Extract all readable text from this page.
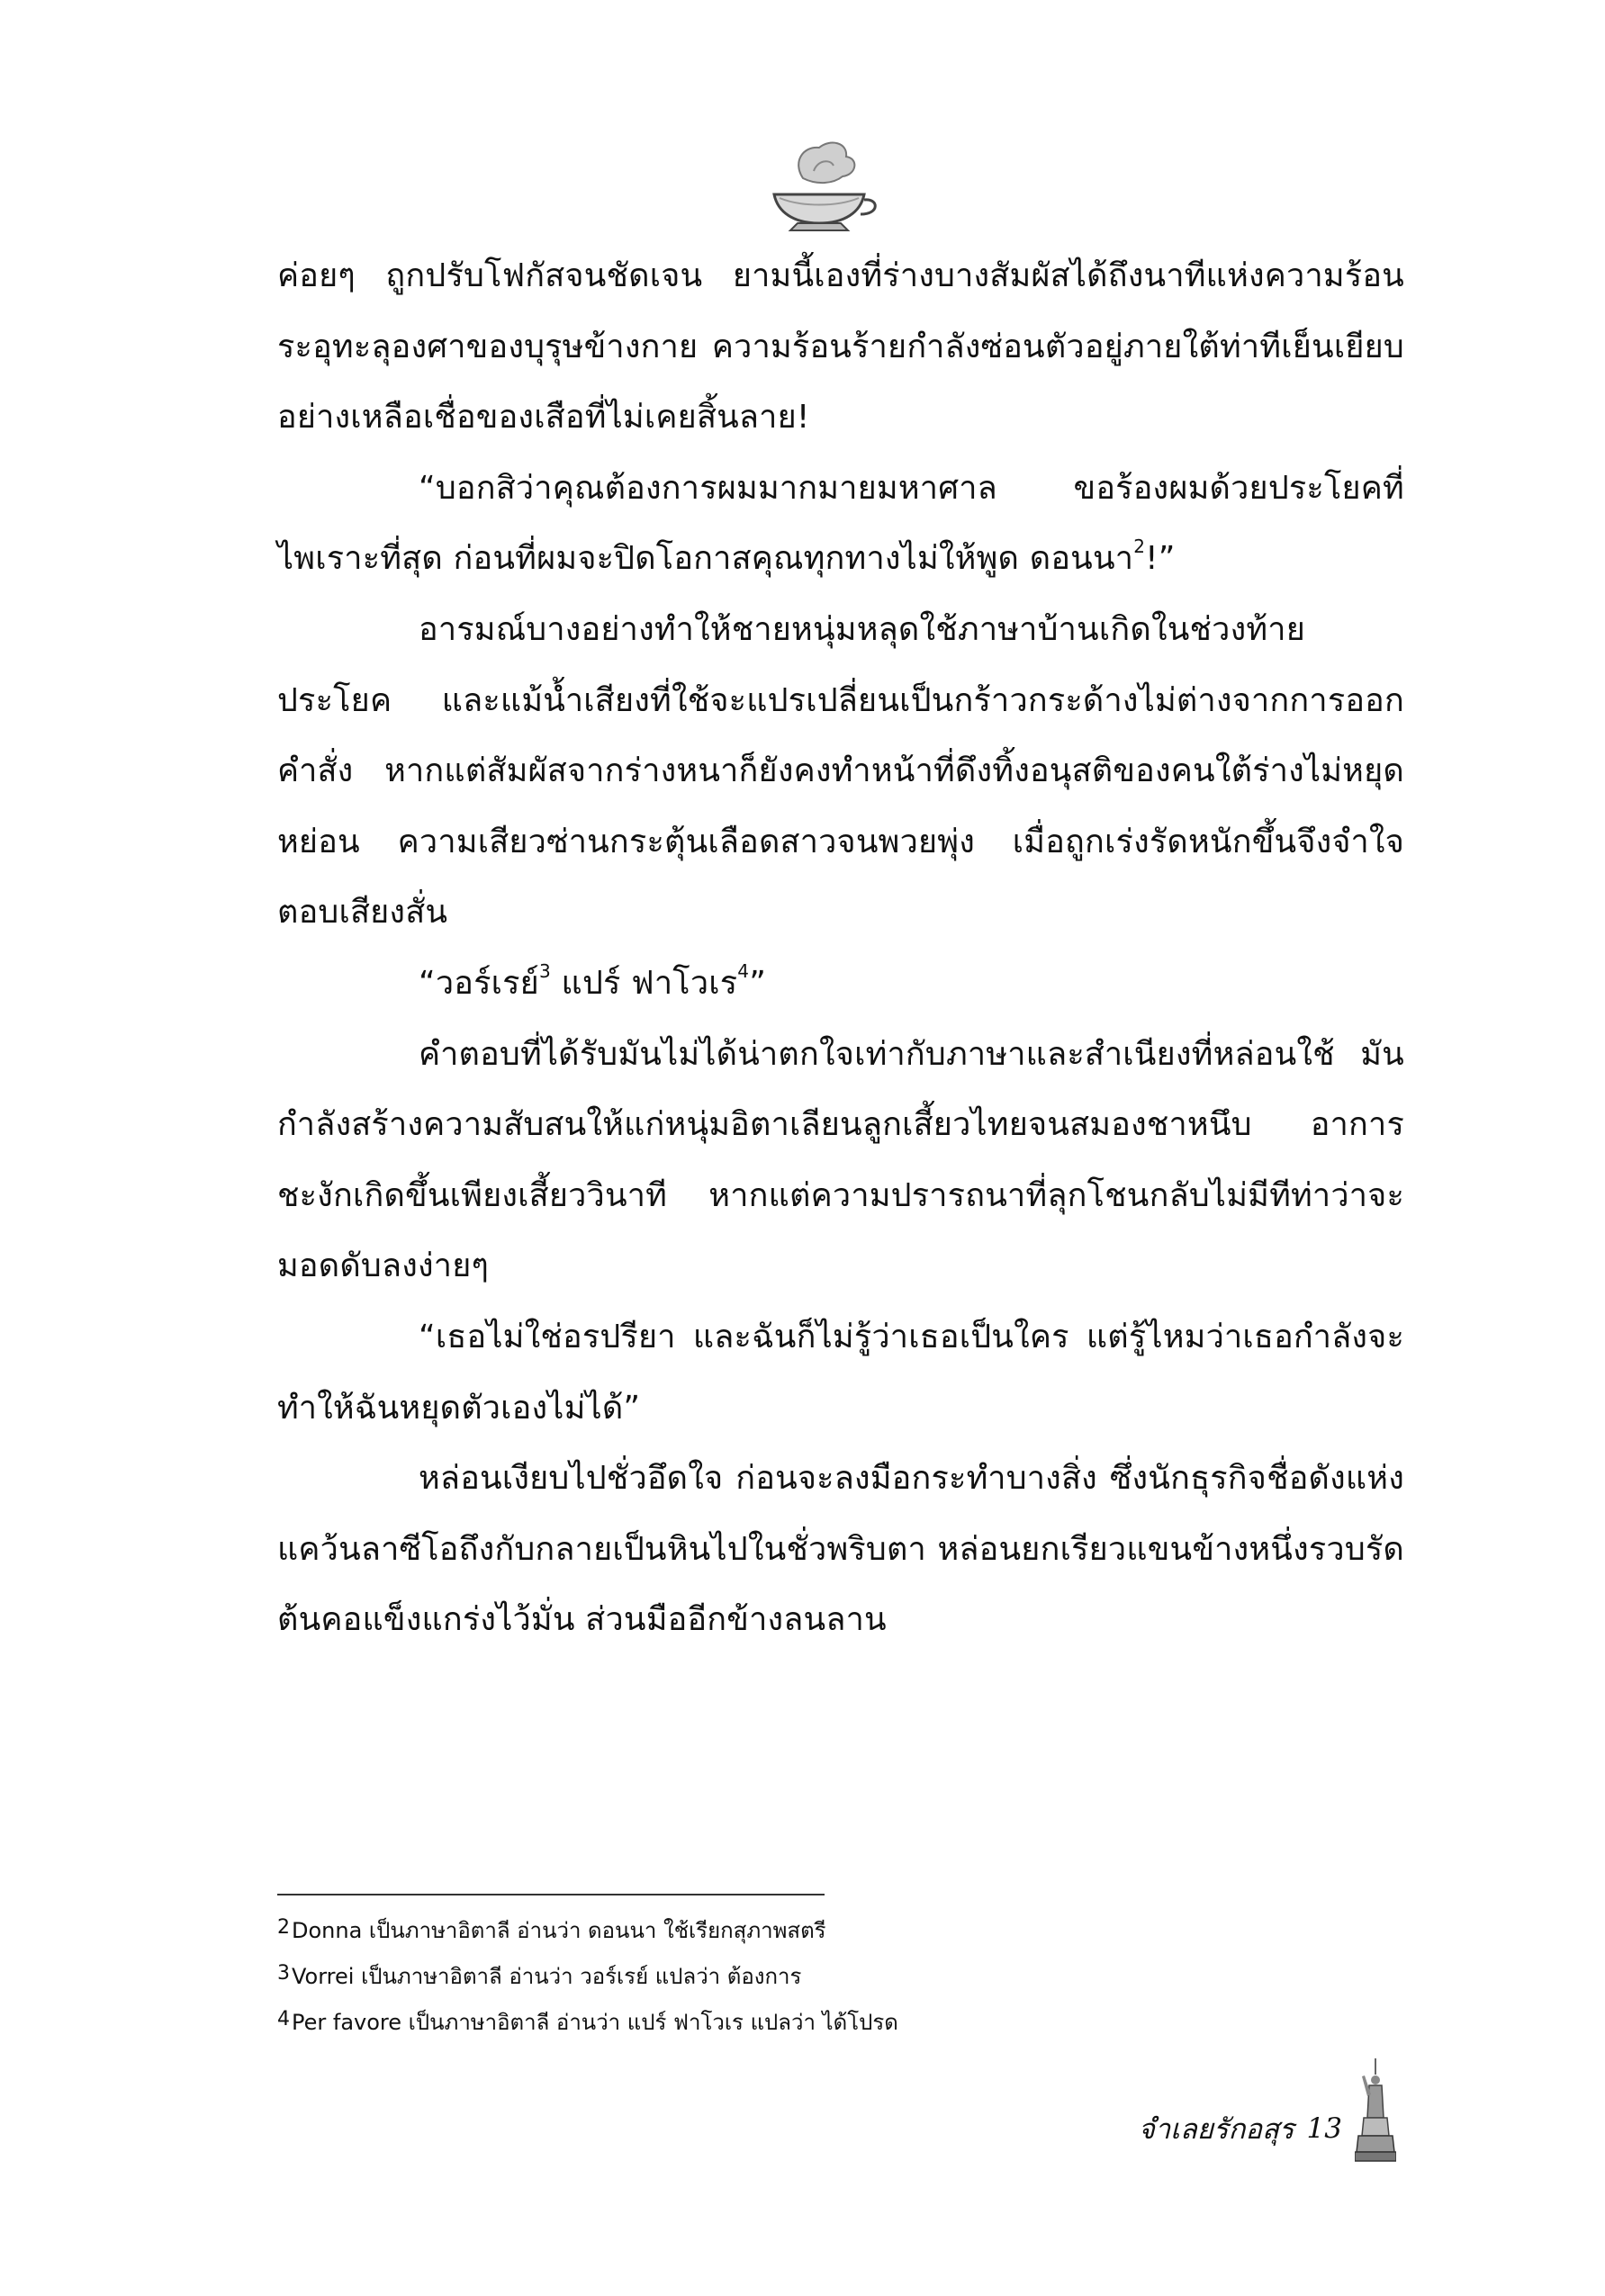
ค่อยๆ ถูกปรับโฟกัสจนชัดเจน ยามนี้เองที่ร่างบางสัมผัสได้ถึงนาทีแห่งความร้อนระอุทะลุองศาของบุรุษข้างกาย ความร้อนร้ายกำลังซ่อนตัวอยู่ภายใต้ท่าทีเย็นเยียบอย่างเหลือเชื่อของเสือที่ไม่เคยสิ้นลาย!

“บอกสิว่าคุณต้องการผมมากมายมหาศาล ขอร้องผมด้วยประโยคที่ไพเราะที่สุด ก่อนที่ผมจะปิดโอกาสคุณทุกทางไม่ให้พูด ดอนนา$^2$!”

อารมณ์บางอย่างทำให้ชายหนุ่มหลุดใช้ภาษาบ้านเกิดในช่วงท้ายประโยค และแม้น้ำเสียงที่ใช้จะแปรเปลี่ยนเป็นกร้าวกระด้างไม่ต่างจากการออกคำสั่ง หากแต่สัมผัสจากร่างหนาก็ยังคงทำหน้าที่ดึงทิ้งอนุสติของคนใต้ร่างไม่หยุดหย่อน ความเสียวซ่านกระตุ้นเลือดสาวจนพวยพุ่ง เมื่อถูกเร่งรัดหนักขึ้นจึงจำใจตอบเสียงสั่น

“วอร์เรย์$^3$ แปร์ ฟาโวเร$^4$”

คำตอบที่ได้รับมันไม่ได้น่าตกใจเท่ากับภาษาและสำเนียงที่หล่อนใช้ มันกำลังสร้างความสับสนให้แก่หนุ่มอิตาเลียนลูกเสี้ยวไทยจนสมองชาหนึบ อาการชะงักเกิดขึ้นเพียงเสี้ยววินาที หากแต่ความปรารถนาที่ลุกโชนกลับไม่มีทีท่าว่าจะมอดดับลงง่ายๆ

“เธอไม่ใช่อรปรียา และฉันก็ไม่รู้ว่าเธอเป็นใคร แต่รู้ไหมว่าเธอกำลังจะทำให้ฉันหยุดตัวเองไม่ได้”

หล่อนเงียบไปชั่วอึดใจ ก่อนจะลงมือกระทำบางสิ่ง ซึ่งนักธุรกิจชื่อดังแห่งแคว้นลาซีโอถึงกับกลายเป็นหินไปในชั่วพริบตา หล่อนยกเรียวแขนข้างหนึ่งรวบรัดต้นคอแข็งแกร่งไว้มั่น ส่วนมืออีกข้างลนลาน

2Donna เป็นภาษาอิตาลี อ่านว่า ดอนนา ใช้เรียกสุภาพสตรี

3Vorrei เป็นภาษาอิตาลี อ่านว่า วอร์เรย์ แปลว่า ต้องการ

4Per favore เป็นภาษาอิตาลี อ่านว่า แปร์ ฟาโวเร แปลว่า ได้โปรด

จำเลยรักอสุร 13
